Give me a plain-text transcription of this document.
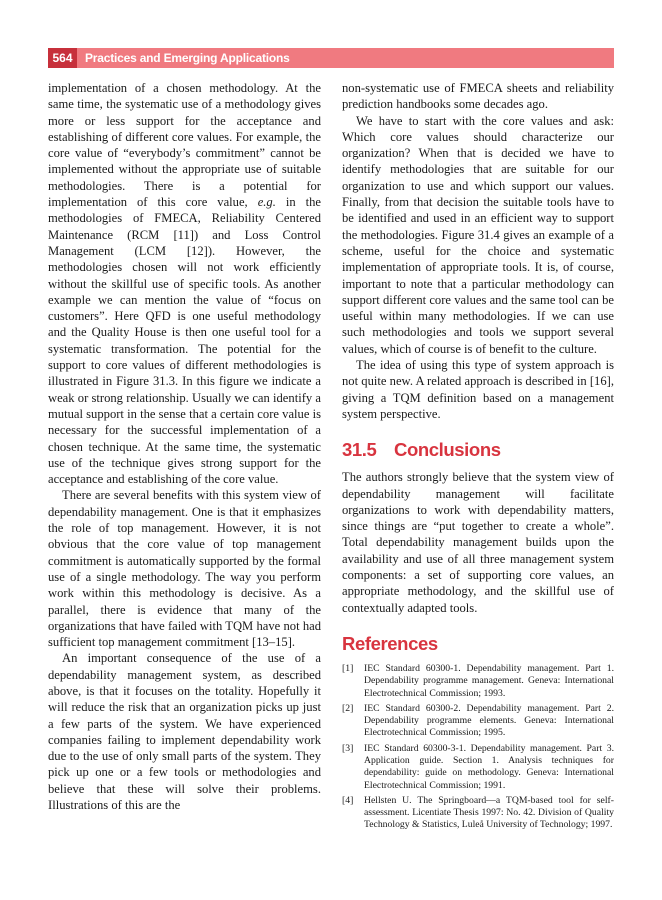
564	Practices and Emerging Applications

implementation of a chosen methodology. At the same time, the systematic use of a methodology gives more or less support for the acceptance and establishing of different core values. For example, the core value of “everybody’s commitment” cannot be implemented without the appropriate use of suitable methodologies. There is a potential for implementation of this core value, e.g. in the methodologies of FMECA, Reliability Centered Maintenance (RCM [11]) and Loss Control Management (LCM [12]). However, the methodologies chosen will not work efficiently without the skillful use of specific tools. As another example we can mention the value of “focus on customers”. Here QFD is one useful methodology and the Quality House is then one useful tool for a systematic transformation. The potential for the support to core values of different methodologies is illustrated in Figure 31.3. In this figure we indicate a weak or strong relationship. Usually we can identify a mutual support in the sense that a certain core value is necessary for the successful implementation of a chosen technique. At the same time, the systematic use of the technique gives strong support for the acceptance and establishing of the core value.

There are several benefits with this system view of dependability management. One is that it emphasizes the role of top management. However, it is not obvious that the core value of top management commitment is automatically supported by the formal use of a single methodology. The way you perform work within this methodology is decisive. As a parallel, there is evidence that many of the organizations that have failed with TQM have not had sufficient top management commitment [13–15].

An important consequence of the use of a dependability management system, as described above, is that it focuses on the totality. Hopefully it will reduce the risk that an organization picks up just a few parts of the system. We have experienced companies failing to implement dependability work due to the use of only small parts of the system. They pick up one or a few tools or methodologies and believe that these will solve their problems. Illustrations of this are the

non-systematic use of FMECA sheets and reliability prediction handbooks some decades ago.

We have to start with the core values and ask: Which core values should characterize our organization? When that is decided we have to identify methodologies that are suitable for our organization to use and which support our values. Finally, from that decision the suitable tools have to be identified and used in an efficient way to support the methodologies. Figure 31.4 gives an example of a scheme, useful for the choice and systematic implementation of appropriate tools. It is, of course, important to note that a particular methodology can support different core values and the same tool can be useful within many methodologies. If we can use such methodologies and tools we support several values, which of course is of benefit to the culture.

The idea of using this type of system approach is not quite new. A related approach is described in [16], giving a TQM definition based on a management system perspective.

31.5 Conclusions

The authors strongly believe that the system view of dependability management will facilitate organizations to work with dependability matters, since things are “put together to create a whole”. Total dependability management builds upon the availability and use of all three management system components: a set of supporting core values, an appropriate methodology, and the skillful use of contextually adapted tools.

References
[1]	IEC Standard 60300-1. Dependability management. Part 1. Dependability programme management. Geneva: International Electrotechnical Commission; 1993.
[2]	IEC Standard 60300-2. Dependability management. Part 2. Dependability programme elements. Geneva: International Electrotechnical Commission; 1995.
[3]	IEC Standard 60300-3-1. Dependability management. Part 3. Application guide. Section 1. Analysis techniques for dependability: guide on methodology. Geneva: International Electrotechnical Commission; 1991.
[4]	Hellsten U. The Springboard—a TQM-based tool for self-assessment. Licentiate Thesis 1997: No. 42. Division of Quality Technology & Statistics, Luleå University of Technology; 1997.
